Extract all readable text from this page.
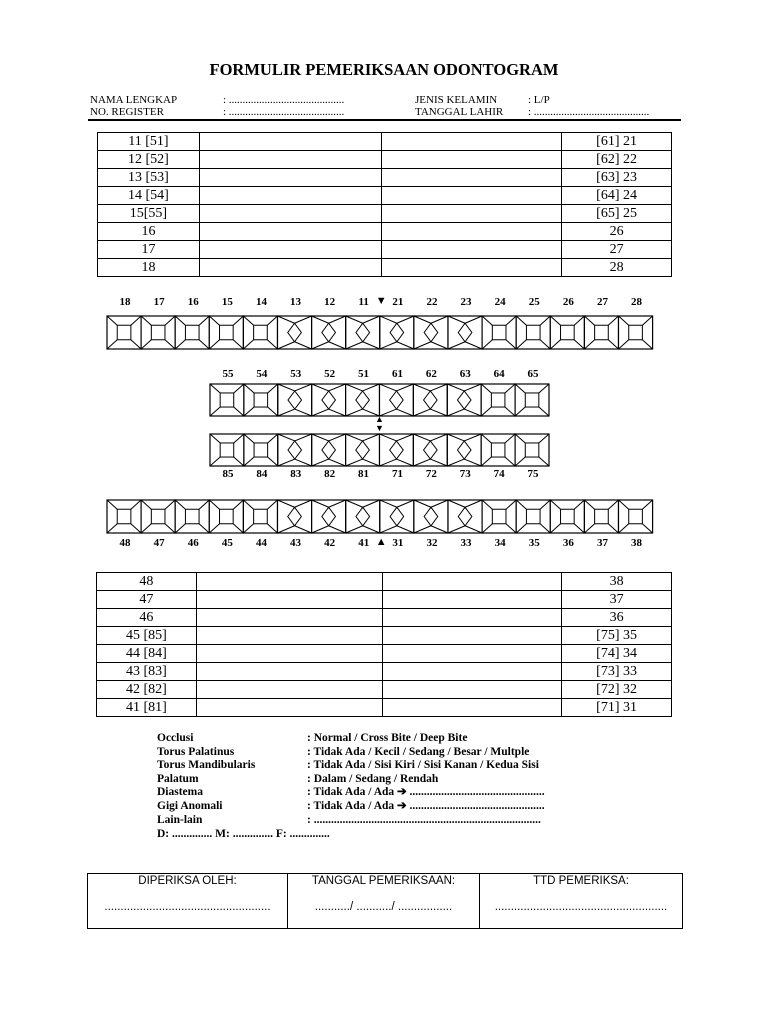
FORMULIR PEMERIKSAAN ODONTOGRAM
NAMA LENGKAP	: ..........................................
NO. REGISTER	: ..........................................
JENIS KELAMIN	: L/P
TANGGAL LAHIR : ..........................................
11 [51]			[61] 21
12 [52]			[62] 22
13 [53]			[63] 23
14 [54]			[64] 24
15[55]			[65] 25
16			26
17			27
18			28
48			38
47			37
46			36
45 [85]			[75] 35
44 [84]			[74] 34
43 [83]			[73] 33
42 [82]			[72] 32
41 [81]			[71] 31
18	17	16	15	14	13	12	11	21	22	23	24	25	26	27	28
▼
55	54	53	52	51	61	62	63	64	65
▲
▼
85	84	83	82	81	71	72	73	74	75
48	47	46	45	44	43	42	41	31	32	33	34	35	36	37	38
▲
Occlusi	: Normal / Cross Bite / Deep Bite
Torus Palatinus	: Tidak Ada / Kecil / Sedang / Besar / Multple
Torus Mandibularis	: Tidak Ada / Sisi Kiri / Sisi Kanan / Kedua Sisi
Palatum	: Dalam / Sedang / Rendah
Diastema	: Tidak Ada / Ada ➔ ...............................................
Gigi Anomali	: Tidak Ada / Ada ➔ ...............................................
Lain-lain	: ...............................................................................
D: .............. M: .............. F: ..............
DIPERIKSA OLEH:
....................................................

TANGGAL PEMERIKSAAN:
.........../ .........../ .................

TTD PEMERIKSA:
......................................................
